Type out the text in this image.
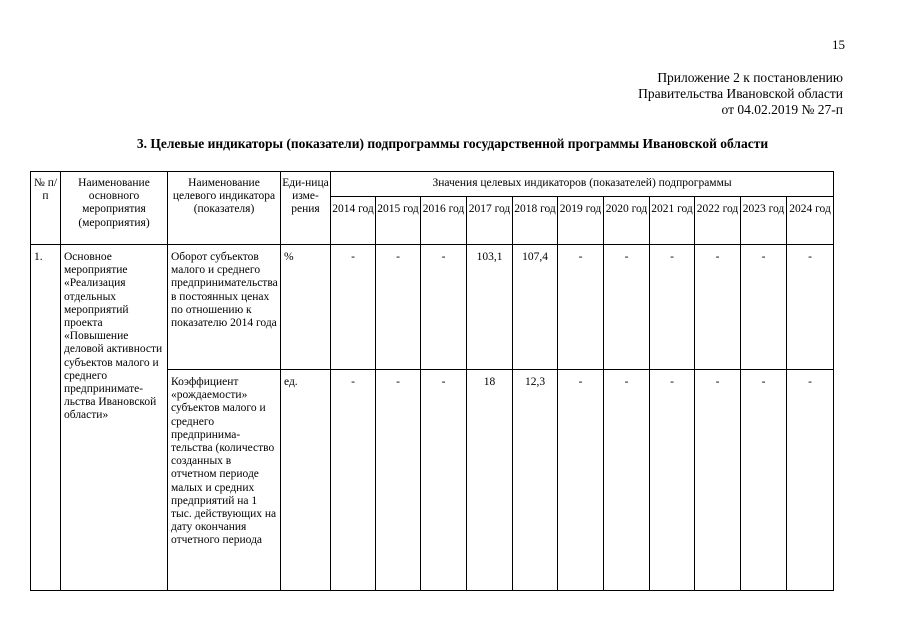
15
Приложение 2 к постановлению
Правительства Ивановской области
от 04.02.2019 № 27-п
3. Целевые индикаторы (показатели) подпрограммы государственной программы Ивановской области
№ п/п	Наименование основного мероприятия (мероприятия)	Наименование целевого индикатора (показателя)	Еди-ница изме-рения	Значения целевых индикаторов (показателей) подпрограммы										
				2014 год	2015 год	2016 год	2017 год	2018 год	2019 год	2020 год	2021 год	2022 год	2023 год	2024 год
1.	Основное мероприятие «Реализация отдельных мероприятий проекта «Повышение деловой активности субъектов малого и среднего предпринимате-льства Ивановской области»	Оборот субъектов малого и среднего предпринимательства в постоянных ценах по отношению к показателю 2014 года	%	-	-	-	103,1	107,4	-	-	-	-	-	-
		Коэффициент «рождаемости» субъектов малого и среднего предпринима-тельства (количество созданных в отчетном периоде малых и средних предприятий на 1 тыс. действующих на дату окончания отчетного периода	ед.	-	-	-	18	12,3	-	-	-	-	-	-
